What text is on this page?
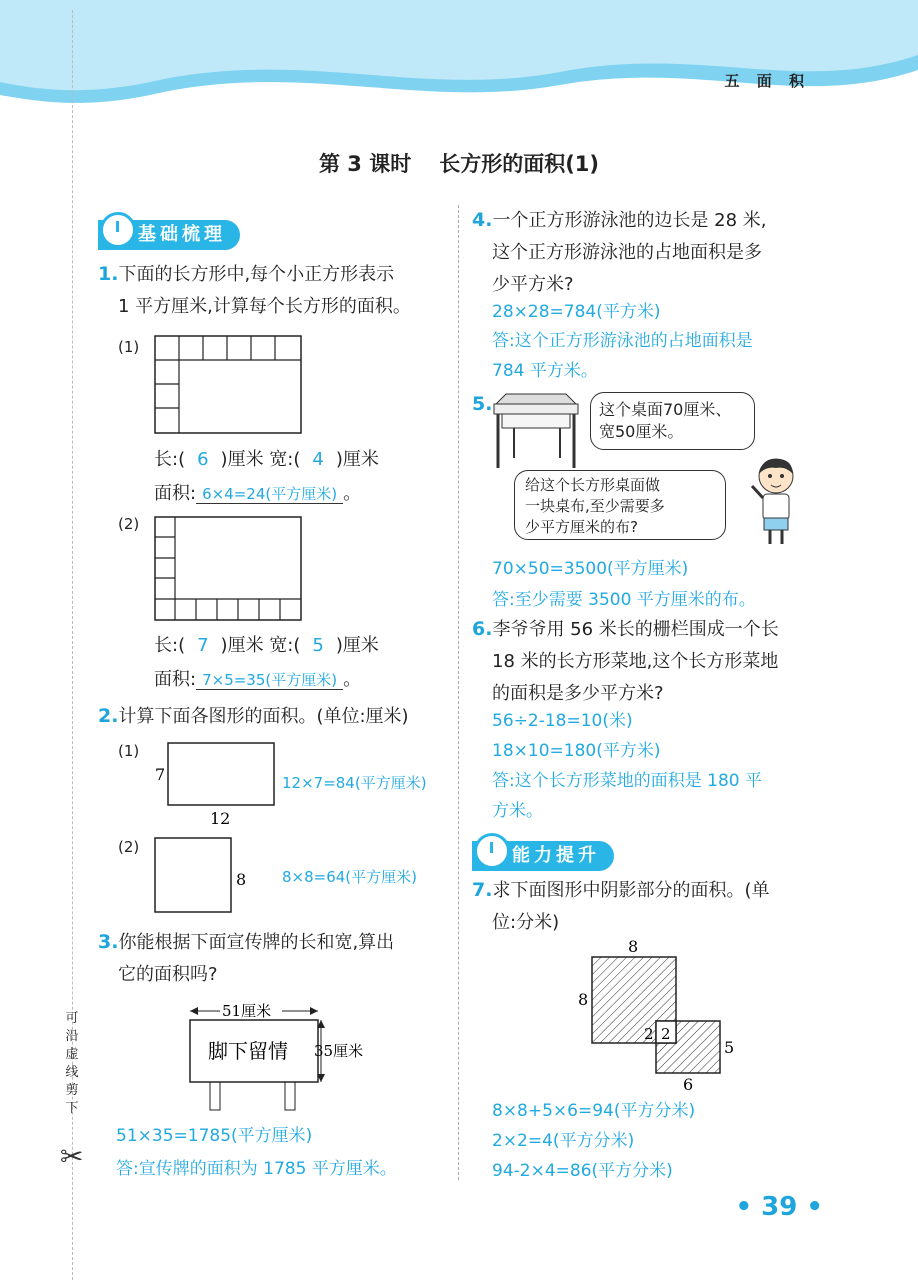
五 面 积
第 3 课时 长方形的面积(1)
可沿虚线剪下
✂
基础梳理
1.下面的长方形中,每个小正方形表示
1 平方厘米,计算每个长方形的面积。
(1)
长:( 6 )厘米 宽:( 4 )厘米
面积: 6×4=24(平方厘米) 。
(2)
长:( 7 )厘米 宽:( 5 )厘米
面积: 7×5=35(平方厘米) 。
2.计算下面各图形的面积。(单位:厘米)
(1)
7
12
12×7=84(平方厘米)
(2)
8 8×8=64(平方厘米)
3.你能根据下面宣传牌的长和宽,算出
它的面积吗?
51厘米
脚下留情 35厘米
51×35=1785(平方厘米)
答:宣传牌的面积为 1785 平方厘米。
4.一个正方形游泳池的边长是 28 米,
这个正方形游泳池的占地面积是多
少平方米?
28×28=784(平方米)
答:这个正方形游泳池的占地面积是
784 平方米。
5.	这个桌面70厘米、
宽50厘米。
给这个长方形桌面做
一块桌布,至少需要多
少平方厘米的布?
70×50=3500(平方厘米)
答:至少需要 3500 平方厘米的布。
6.李爷爷用 56 米长的栅栏围成一个长
18 米的长方形菜地,这个长方形菜地
的面积是多少平方米?
56÷2-18=10(米)
18×10=180(平方米)
答:这个长方形菜地的面积是 180 平
方米。
能力提升
7.求下面图形中阴影部分的面积。(单
位:分米)
8
8
2 2
5
6
8×8+5×6=94(平方分米)
2×2=4(平方分米)
94-2×4=86(平方分米)
• 39 •
